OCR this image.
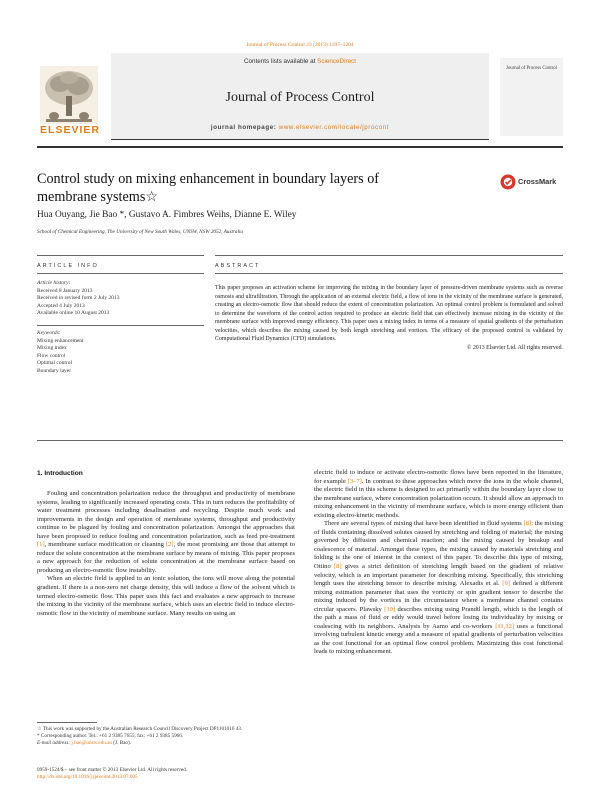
Journal of Process Control 23 (2013) 1197–1204
Contents lists available at ScienceDirect
ELSEVIER
Journal of Process Control
journal homepage: www.elsevier.com/locate/jprocont
Journal of Process Control
Control study on mixing enhancement in boundary layers of membrane systems☆
CrossMark
Hua Ouyang, Jie Bao *, Gustavo A. Fimbres Weihs, Dianne E. Wiley
School of Chemical Engineering, The University of New South Wales, UNSW, NSW 2052, Australia
ARTICLE INFO	ABSTRACT
Article history:
Received 8 January 2013
Received in revised form 2 July 2013
Accepted 4 July 2013
Available online 10 August 2013
Keywords:
Mixing enhancement
Mixing index
Flow control
Optimal control
Boundary layer

This paper proposes an activation scheme for improving the mixing in the boundary layer of pressure-driven membrane systems such as reverse osmosis and ultrafiltration. Through the application of an external electric field, a flow of ions in the vicinity of the membrane surface is generated, creating an electro-osmotic flow that should reduce the extent of concentration polarization. An optimal control problem is formulated and solved to determine the waveform of the control action required to produce an electric field that can effectively increase mixing in the vicinity of the membrane surface with improved energy efficiency. This paper uses a mixing index in terms of a measure of spatial gradients of the perturbation velocities, which describes the mixing caused by both length stretching and vortices. The efficacy of the proposed control is validated by Computational Fluid Dynamics (CFD) simulations.

© 2013 Elsevier Ltd. All rights reserved.
1. Introduction

Fouling and concentration polarization reduce the throughput and productivity of membrane systems, leading to significantly increased operating costs. This in turn reduces the profitability of water treatment processes including desalination and recycling. Despite much work and improvements in the design and operation of membrane systems, throughput and productivity continue to be plagued by fouling and concentration polarization. Amongst the approaches that have been proposed to reduce fouling and concentration polarization, such as feed pre-treatment [1], membrane surface modification or cleaning [2], the most promising are those that attempt to reduce the solute concentration at the membrane surface by means of mixing. This paper proposes a new approach for the reduction of solute concentration at the membrane surface based on producing an electro-osmotic flow instability.

When an electric field is applied to an ionic solution, the ions will move along the potential gradient. If there is a non-zero net charge density, this will induce a flow of the solvent which is termed electro-osmotic flow. This paper uses this fact and evaluates a new approach to increase the mixing in the vicinity of the membrane surface, which uses an electric field to induce electro-osmotic flow in the vicinity of membrane surface. Many results on using an

electric field to induce or activate electro-osmotic flows have been reported in the literature, for example [3–7]. In contrast to these approaches which move the ions in the whole channel, the electric field in this scheme is designed to act primarily within the boundary layer close to the membrane surface, where concentration polarization occurs. It should allow an approach to mixing enhancement in the vicinity of membrane surface, which is more energy efficient than existing electro-kinetic methods.

There are several types of mixing that have been identified in fluid systems [8]: the mixing of fluids containing dissolved solutes caused by stretching and folding of material; the mixing governed by diffusion and chemical reaction; and the mixing caused by breakup and coalescence of material. Amongst these types, the mixing caused by materials stretching and folding is the one of interest in the context of this paper. To describe this type of mixing, Ottino [8] gives a strict definition of stretching length based on the gradient of relative velocity, which is an important parameter for describing mixing. Specifically, this stretching length uses the stretching tensor to describe mixing. Alexadis et al. [9] defined a different mixing estimation parameter that uses the vorticity or spin gradient tensor to describe the mixing induced by the vortices in the circumstance where a membrane channel contains circular spacers. Plawsky [10] describes mixing using Prandtl length, which is the length of the path a mass of fluid or eddy would travel before losing its individuality by mixing or coalescing with its neighbors. Analysis by Aamo and co-workers [11,12] uses a functional involving turbulent kinetic energy and a measure of spatial gradients of perturbation velocities as the cost functional for an optimal flow control problem. Maximizing this cost functional leads to mixing enhancement.

☆ This work was supported by the Australian Research Council Discovery Project DP1101016 43.

* Corresponding author. Tel.: +61 2 9385 7655; fax: +61 2 9385 5966.

E-mail address: j.bao@unsw.edu.au (J. Bao).

0959-1524/$ – see front matter © 2013 Elsevier Ltd. All rights reserved.

http://dx.doi.org/10.1016/j.jprocont.2013.07.005
